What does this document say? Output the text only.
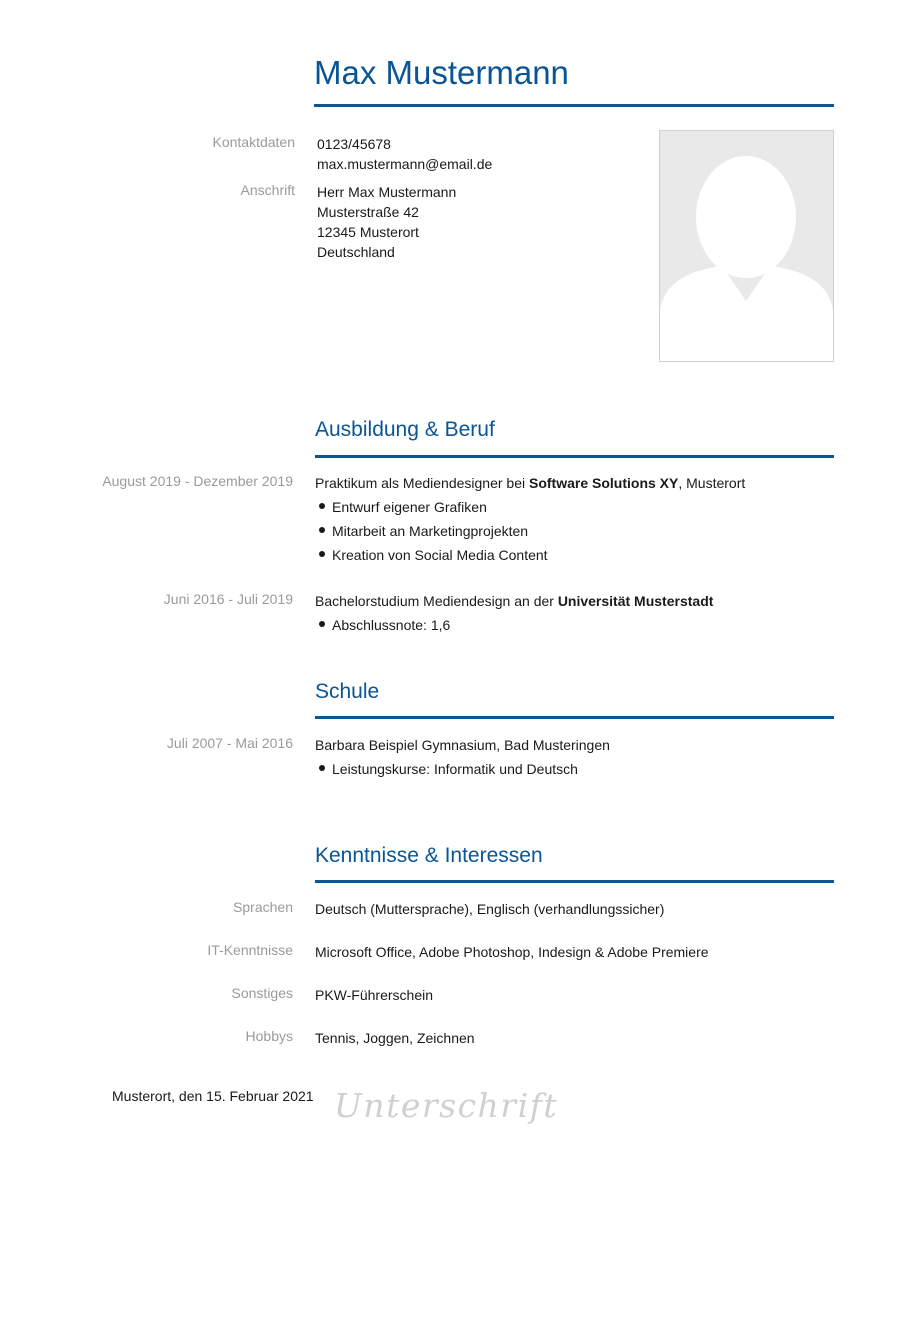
Max Mustermann
Kontaktdaten 0123/45678
max.mustermann@email.de
Anschrift Herr Max Mustermann
Musterstraße 42
12345 Musterort
Deutschland
Ausbildung & Beruf
August 2019 - Dezember 2019 Praktikum als Mediendesigner bei Software Solutions XY, Musterort
Entwurf eigener Grafiken
Mitarbeit an Marketingprojekten
Kreation von Social Media Content
Juni 2016 - Juli 2019 Bachelorstudium Mediendesign an der Universität Musterstadt
Abschlussnote: 1,6
Schule
Juli 2007 - Mai 2016 Barbara Beispiel Gymnasium, Bad Musteringen
Leistungskurse: Informatik und Deutsch
Kenntnisse & Interessen
Sprachen Deutsch (Muttersprache), Englisch (verhandlungssicher)
IT-Kenntnisse Microsoft Office, Adobe Photoshop, Indesign & Adobe Premiere
Sonstiges PKW-Führerschein
Hobbys Tennis, Joggen, Zeichnen
Musterort, den 15. Februar 2021 Unterschrift
